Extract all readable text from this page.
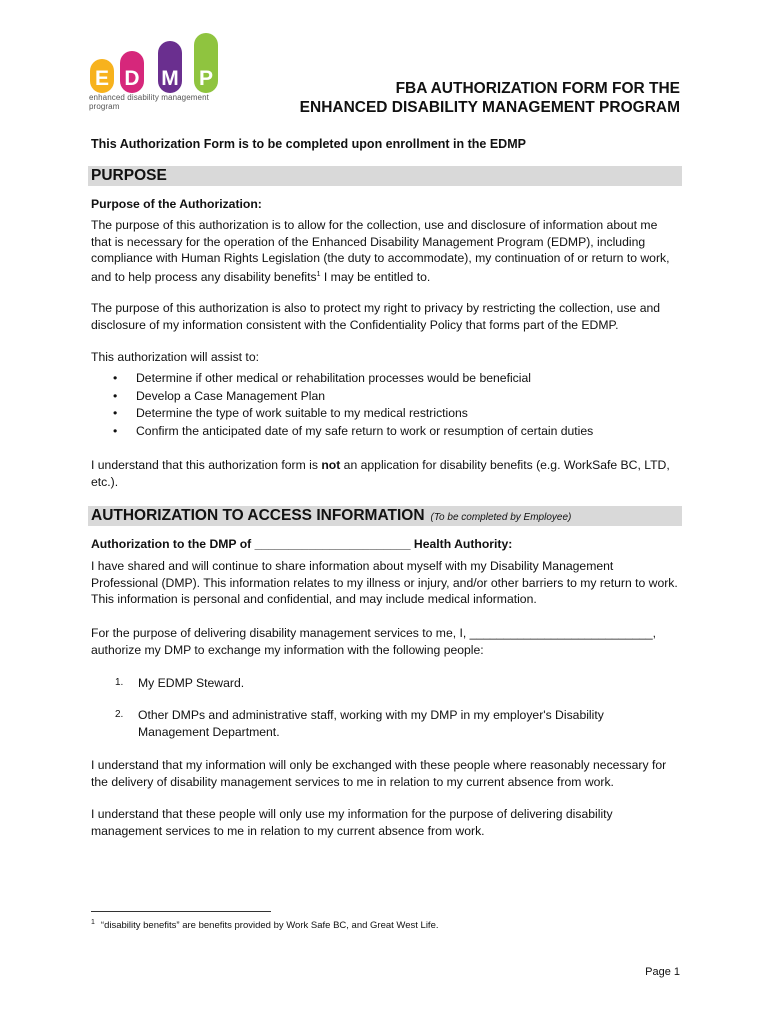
E D M P
enhanced disability management program
FBA AUTHORIZATION FORM FOR THE
ENHANCED DISABILITY MANAGEMENT PROGRAM
This Authorization Form is to be completed upon enrollment in the EDMP
PURPOSE
Purpose of the Authorization:
The purpose of this authorization is to allow for the collection, use and disclosure of information about me that is necessary for the operation of the Enhanced Disability Management Program (EDMP), including compliance with Human Rights Legislation (the duty to accommodate), my continuation of or return to work, and to help process any disability benefits$^1$ I may be entitled to.
The purpose of this authorization is also to protect my right to privacy by restricting the collection, use and disclosure of my information consistent with the Confidentiality Policy that forms part of the EDMP.
This authorization will assist to:
• Determine if other medical or rehabilitation processes would be beneficial
• Develop a Case Management Plan
• Determine the type of work suitable to my medical restrictions
• Confirm the anticipated date of my safe return to work or resumption of certain duties
I understand that this authorization form is not an application for disability benefits (e.g. WorkSafe BC, LTD, etc.).
AUTHORIZATION TO ACCESS INFORMATION (To be completed by Employee)
Authorization to the DMP of _______________________ Health Authority:
I have shared and will continue to share information about myself with my Disability Management Professional (DMP). This information relates to my illness or injury, and/or other barriers to my return to work. This information is personal and confidential, and may include medical information.
For the purpose of delivering disability management services to me, I, ___________________________, authorize my DMP to exchange my information with the following people:
1. My EDMP Steward.
2. Other DMPs and administrative staff, working with my DMP in my employer's Disability Management Department.
I understand that my information will only be exchanged with these people where reasonably necessary for the delivery of disability management services to me in relation to my current absence from work.
I understand that these people will only use my information for the purpose of delivering disability management services to me in relation to my current absence from work.
$^1$ “disability benefits” are benefits provided by Work Safe BC, and Great West Life.
Page 1
